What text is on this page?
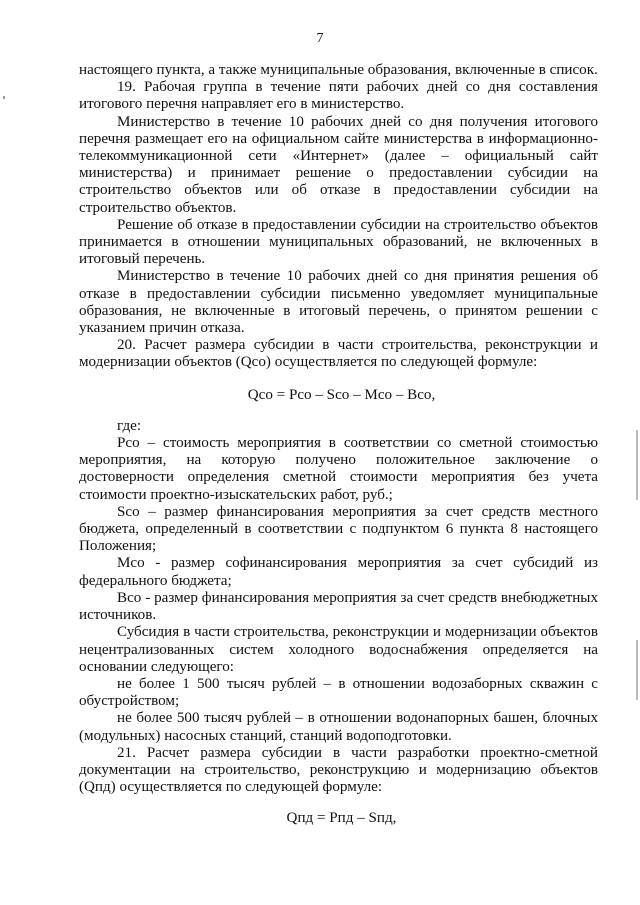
7

настоящего пункта, а также муниципальные образования, включенные в список.

19. Рабочая группа в течение пяти рабочих дней со дня составления итогового перечня направляет его в министерство.

Министерство в течение 10 рабочих дней со дня получения итогового перечня размещает его на официальном сайте министерства в информационно-телекоммуникационной сети «Интернет» (далее – официальный сайт министерства) и принимает решение о предоставлении субсидии на строительство объектов или об отказе в предоставлении субсидии на строительство объектов.

Решение об отказе в предоставлении субсидии на строительство объектов принимается в отношении муниципальных образований, не включенных в итоговый перечень.

Министерство в течение 10 рабочих дней со дня принятия решения об отказе в предоставлении субсидии письменно уведомляет муниципальные образования, не включенные в итоговый перечень, о принятом решении с указанием причин отказа.

20. Расчет размера субсидии в части строительства, реконструкции и модернизации объектов (Qсо) осуществляется по следующей формуле:

Qсо = Рсо – Sсо – Мсо – Всо,

где:

Рсо – стоимость мероприятия в соответствии со сметной стоимостью мероприятия, на которую получено положительное заключение о достоверности определения сметной стоимости мероприятия без учета стоимости проектно-изыскательских работ, руб.;

Sсо – размер финансирования мероприятия за счет средств местного бюджета, определенный в соответствии с подпунктом 6 пункта 8 настоящего Положения;

Мсо - размер софинансирования мероприятия за счет субсидий из федерального бюджета;

Всо - размер финансирования мероприятия за счет средств внебюджетных источников.

Субсидия в части строительства, реконструкции и модернизации объектов нецентрализованных систем холодного водоснабжения определяется на основании следующего:

не более 1 500 тысяч рублей – в отношении водозаборных скважин с обустройством;

не более 500 тысяч рублей – в отношении водонапорных башен, блочных (модульных) насосных станций, станций водоподготовки.

21. Расчет размера субсидии в части разработки проектно-сметной документации на строительство, реконструкцию и модернизацию объектов (Qпд) осуществляется по следующей формуле:

Qпд = Рпд – Sпд,
